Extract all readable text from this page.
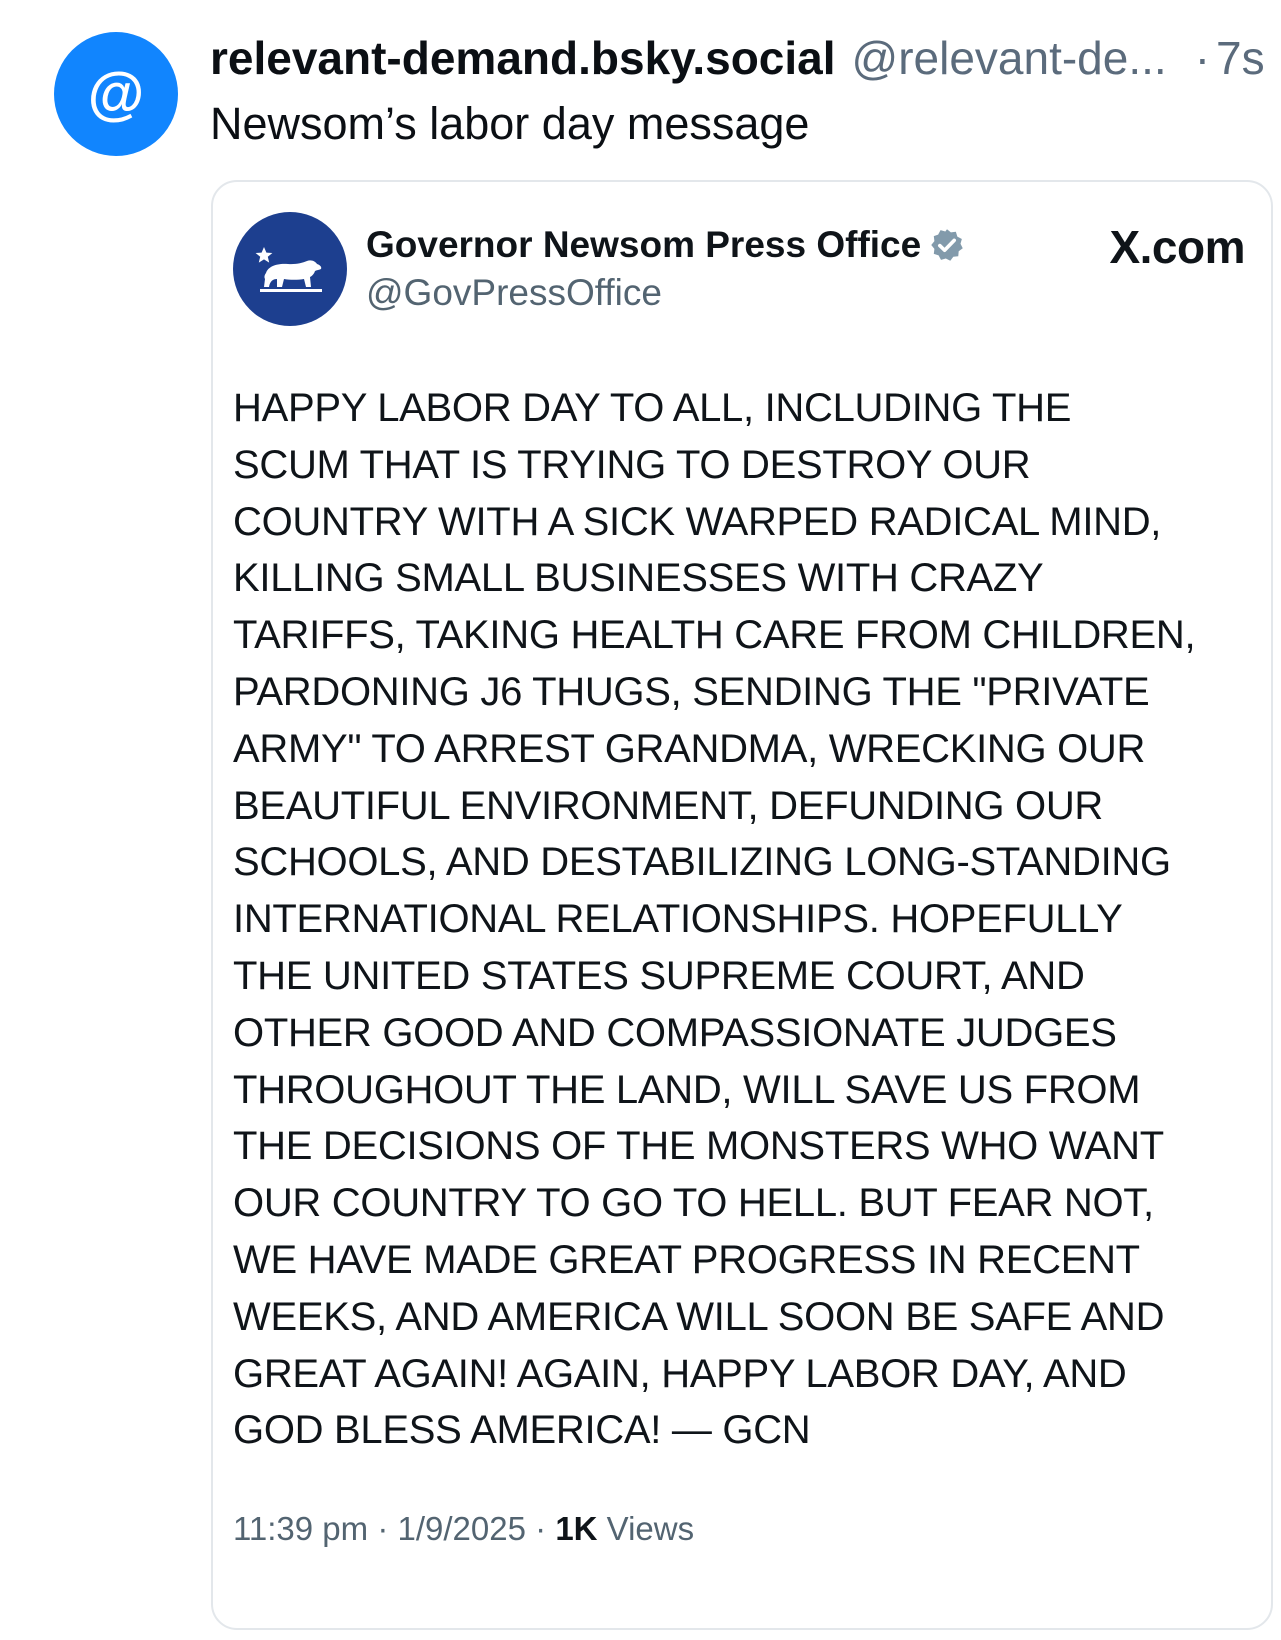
@
relevant-demand.bsky.social @relevant-de... · 7s
Newsom’s labor day message
Governor Newsom Press Office
@GovPressOffice
X.com
HAPPY LABOR DAY TO ALL, INCLUDING THE
SCUM THAT IS TRYING TO DESTROY OUR
COUNTRY WITH A SICK WARPED RADICAL MIND,
KILLING SMALL BUSINESSES WITH CRAZY
TARIFFS, TAKING HEALTH CARE FROM CHILDREN,
PARDONING J6 THUGS, SENDING THE "PRIVATE
ARMY" TO ARREST GRANDMA, WRECKING OUR
BEAUTIFUL ENVIRONMENT, DEFUNDING OUR
SCHOOLS, AND DESTABILIZING LONG-STANDING
INTERNATIONAL RELATIONSHIPS. HOPEFULLY
THE UNITED STATES SUPREME COURT, AND
OTHER GOOD AND COMPASSIONATE JUDGES
THROUGHOUT THE LAND, WILL SAVE US FROM
THE DECISIONS OF THE MONSTERS WHO WANT
OUR COUNTRY TO GO TO HELL. BUT FEAR NOT,
WE HAVE MADE GREAT PROGRESS IN RECENT
WEEKS, AND AMERICA WILL SOON BE SAFE AND
GREAT AGAIN! AGAIN, HAPPY LABOR DAY, AND
GOD BLESS AMERICA! — GCN
11:39 pm · 1/9/2025 · 1K Views
